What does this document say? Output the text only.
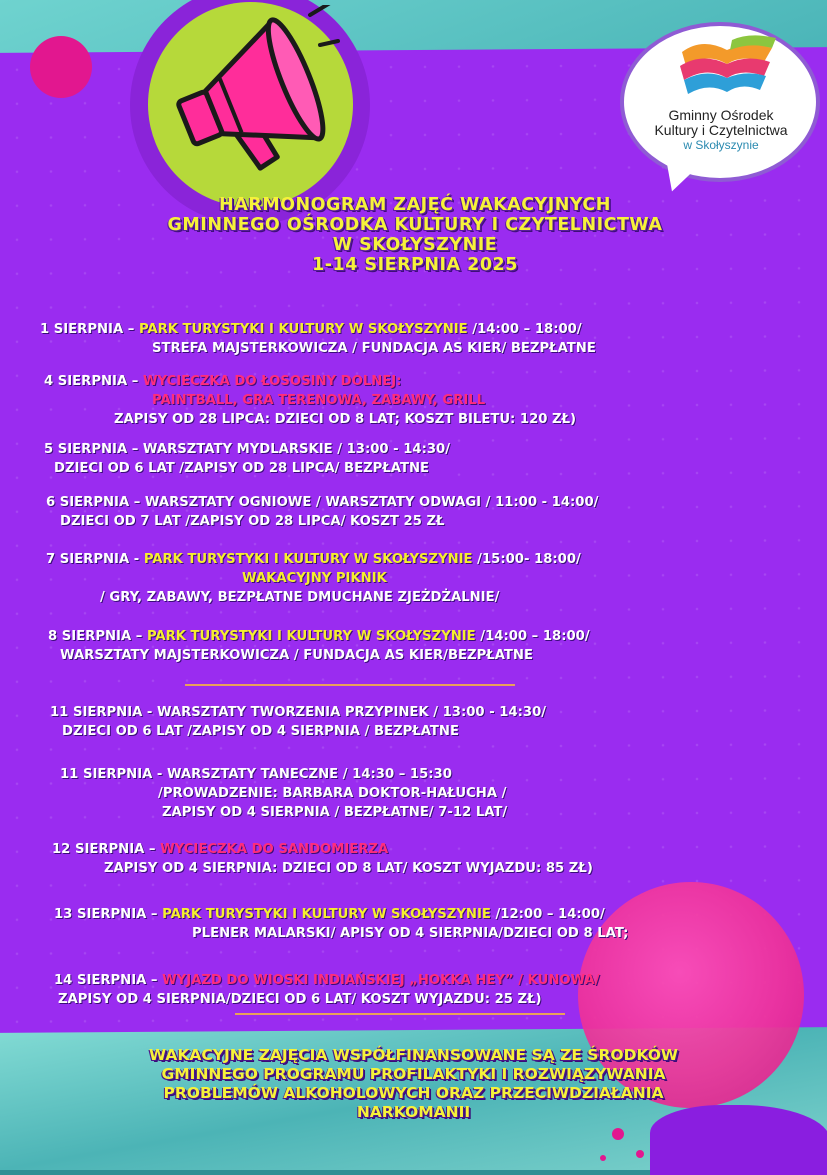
Gminny Ośrodek
Kultury i Czytelnictwa
w Skołyszynie
HARMONOGRAM ZAJĘĆ WAKACYJNYCH
GMINNEGO OŚRODKA KULTURY I CZYTELNICTWA
W SKOŁYSZYNIE
1-14 SIERPNIA 2025
1 SIERPNIA – PARK TURYSTYKI I KULTURY W SKOŁYSZYNIE /14:00 – 18:00/
STREFA MAJSTERKOWICZA / FUNDACJA AS KIER/ BEZPŁATNE
4 SIERPNIA – WYCIECZKA DO ŁOSOSINY DOLNEJ:
PAINTBALL, GRA TERENOWA, ZABAWY, GRILL
ZAPISY OD 28 LIPCA: DZIECI OD 8 LAT; KOSZT BILETU: 120 ZŁ)
5 SIERPNIA – WARSZTATY MYDLARSKIE / 13:00 - 14:30/
DZIECI OD 6 LAT /ZAPISY OD 28 LIPCA/ BEZPŁATNE
6 SIERPNIA – WARSZTATY OGNIOWE / WARSZTATY ODWAGI / 11:00 - 14:00/
DZIECI OD 7 LAT /ZAPISY OD 28 LIPCA/ KOSZT 25 ZŁ
7 SIERPNIA - PARK TURYSTYKI I KULTURY W SKOŁYSZYNIE /15:00- 18:00/
WAKACYJNY PIKNIK
/ GRY, ZABAWY, BEZPŁATNE DMUCHANE ZJEŻDŻALNIE/
8 SIERPNIA – PARK TURYSTYKI I KULTURY W SKOŁYSZYNIE /14:00 – 18:00/
WARSZTATY MAJSTERKOWICZA / FUNDACJA AS KIER/BEZPŁATNE
11 SIERPNIA - WARSZTATY TWORZENIA PRZYPINEK / 13:00 - 14:30/
DZIECI OD 6 LAT /ZAPISY OD 4 SIERPNIA / BEZPŁATNE
11 SIERPNIA - WARSZTATY TANECZNE / 14:30 – 15:30
/PROWADZENIE: BARBARA DOKTOR-HAŁUCHA /
ZAPISY OD 4 SIERPNIA / BEZPŁATNE/ 7-12 LAT/
12 SIERPNIA – WYCIECZKA DO SANDOMIERZA
ZAPISY OD 4 SIERPNIA: DZIECI OD 8 LAT/ KOSZT WYJAZDU: 85 ZŁ)
13 SIERPNIA – PARK TURYSTYKI I KULTURY W SKOŁYSZYNIE /12:00 – 14:00/
PLENER MALARSKI/ APISY OD 4 SIERPNIA/DZIECI OD 8 LAT;
14 SIERPNIA – WYJAZD DO WIOSKI INDIAŃSKIEJ „HOKKA HEY” / KUNOWA/
ZAPISY OD 4 SIERPNIA/DZIECI OD 6 LAT/ KOSZT WYJAZDU: 25 ZŁ)
WAKACYJNE ZAJĘCIA WSPÓŁFINANSOWANE SĄ ZE ŚRODKÓW
GMINNEGO PROGRAMU PROFILAKTYKI I ROZWIĄZYWANIA
PROBLEMÓW ALKOHOLOWYCH ORAZ PRZECIWDZIAŁANIA
NARKOMANII
